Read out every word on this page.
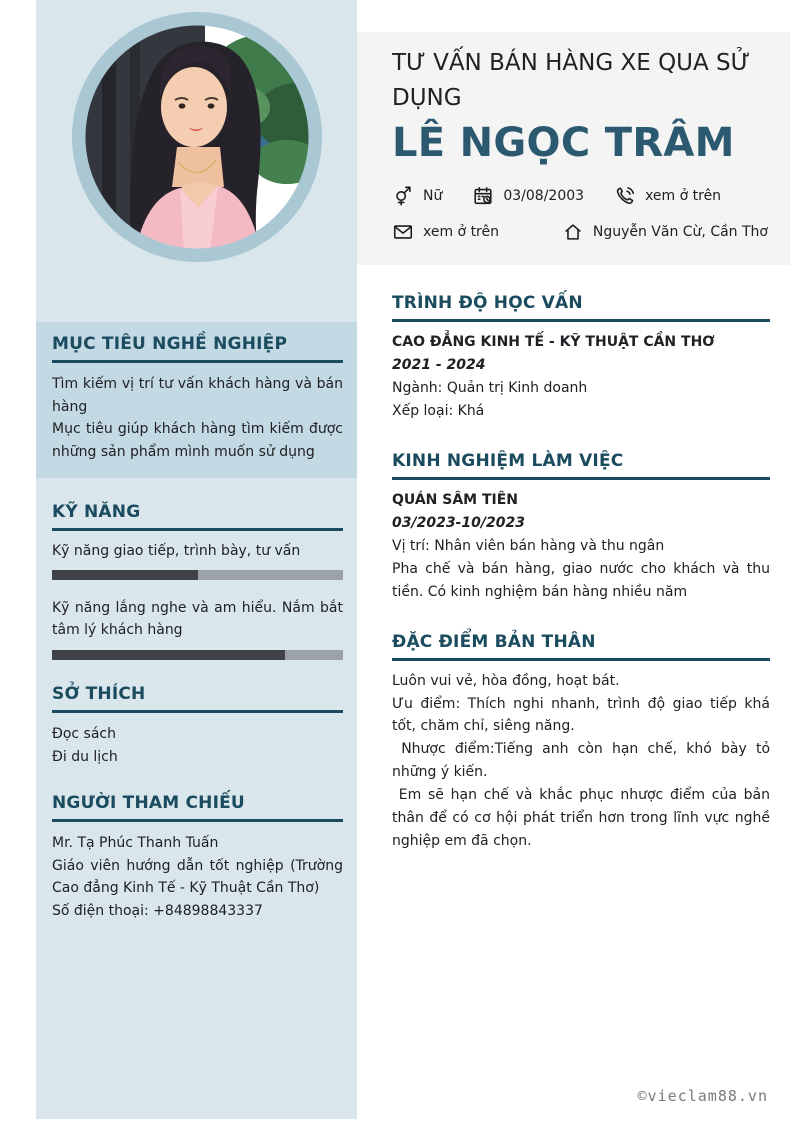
MỤC TIÊU NGHỀ NGHIỆP

Tìm kiếm vị trí tư vấn khách hàng và bán hàng

Mục tiêu giúp khách hàng tìm kiếm được những sản phẩm mình muốn sử dụng

KỸ NĂNG
Kỹ năng giao tiếp, trình bày, tư vấn
Kỹ năng lắng nghe và am hiểu. Nắm bắt tâm lý khách hàng
SỞ THÍCH
Đọc sách
Đi du lịch
NGƯỜI THAM CHIẾU

Mr. Tạ Phúc Thanh Tuấn

Giáo viên hướng dẫn tốt nghiệp (Trường Cao đẳng Kinh Tế - Kỹ Thuật Cần Thơ)

Số điện thoại: +84898843337

TƯ VẤN BÁN HÀNG XE QUA SỬ DỤNG
LÊ NGỌC TRÂM
Nữ	03/08/2003	xem ở trên
xem ở trên	Nguyễn Văn Cừ, Cần Thơ
TRÌNH ĐỘ HỌC VẤN
CAO ĐẲNG KINH TẾ - KỸ THUẬT CẦN THƠ
2021 - 2024
Ngành: Quản trị Kinh doanh
Xếp loại: Khá
KINH NGHIỆM LÀM VIỆC
QUÁN SÂM TIÊN
03/2023-10/2023
Vị trí: Nhân viên bán hàng và thu ngân
Pha chế và bán hàng, giao nước cho khách và thu tiền. Có kinh nghiệm bán hàng nhiều năm
ĐẶC ĐIỂM BẢN THÂN

Luôn vui vẻ, hòa đồng, hoạt bát.

Ưu điểm: Thích nghi nhanh, trình độ giao tiếp khá tốt, chăm chỉ, siêng năng.

Nhược điểm:Tiếng anh còn hạn chế, khó bày tỏ những ý kiến.

Em sẽ hạn chế và khắc phục nhược điểm của bản thân để có cơ hội phát triển hơn trong lĩnh vực nghề nghiệp em đã chọn.

©vieclam88.vn
